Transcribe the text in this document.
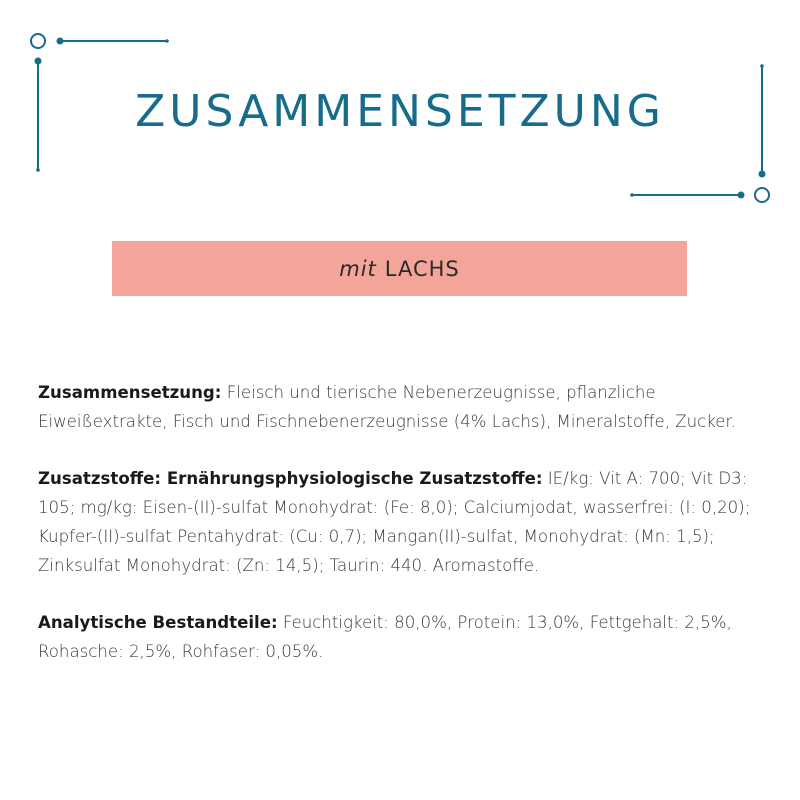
ZUSAMMENSETZUNG
mit LACHS

Zusammensetzung: Fleisch und tierische Nebenerzeugnisse, pflanzliche Eiweißextrakte, Fisch und Fischnebenerzeugnisse (4% Lachs), Mineralstoffe, Zucker.

Zusatzstoffe: Ernährungsphysiologische Zusatzstoffe: IE/kg: Vit A: 700; Vit D3: 105; mg/kg: Eisen-(II)-sulfat Monohydrat: (Fe: 8,0); Calciumjodat, wasserfrei: (I: 0,20); Kupfer-(II)-sulfat Pentahydrat: (Cu: 0,7); Mangan(II)-sulfat, Monohydrat: (Mn: 1,5); Zinksulfat Monohydrat: (Zn: 14,5); Taurin: 440. Aromastoffe.

Analytische Bestandteile: Feuchtigkeit: 80,0%, Protein: 13,0%, Fettgehalt: 2,5%, Rohasche: 2,5%, Rohfaser: 0,05%.
